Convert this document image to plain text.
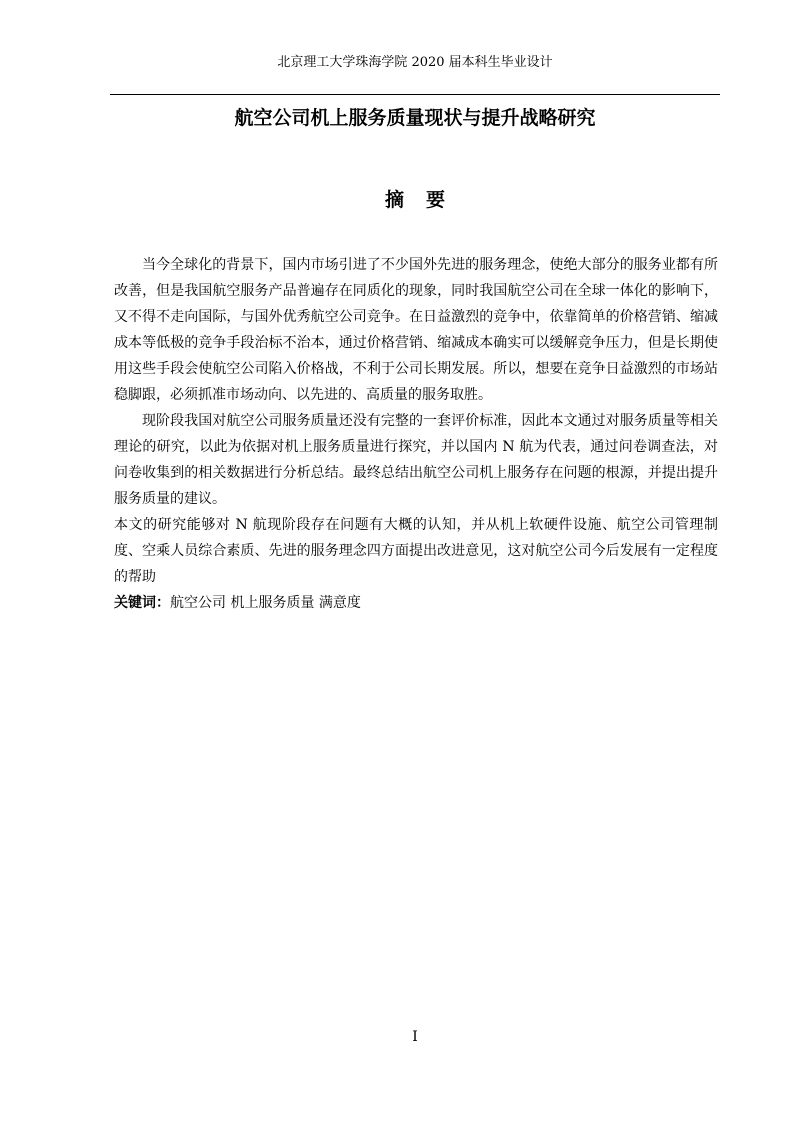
北京理工大学珠海学院 2020 届本科生毕业设计
航空公司机上服务质量现状与提升战略研究
摘要

当今全球化的背景下，国内市场引进了不少国外先进的服务理念，使绝大部分的服务业都有所改善，但是我国航空服务产品普遍存在同质化的现象，同时我国航空公司在全球一体化的影响下，又不得不走向国际，与国外优秀航空公司竞争。在日益激烈的竞争中，依靠简单的价格营销、缩减成本等低极的竞争手段治标不治本，通过价格营销、缩减成本确实可以缓解竞争压力，但是长期使用这些手段会使航空公司陷入价格战，不利于公司长期发展。所以，想要在竞争日益激烈的市场站稳脚跟，必须抓准市场动向、以先进的、高质量的服务取胜。

现阶段我国对航空公司服务质量还没有完整的一套评价标准，因此本文通过对服务质量等相关理论的研究，以此为依据对机上服务质量进行探究，并以国内 N 航为代表，通过问卷调查法，对问卷收集到的相关数据进行分析总结。最终总结出航空公司机上服务存在问题的根源，并提出提升服务质量的建议。

本文的研究能够对 N 航现阶段存在问题有大概的认知，并从机上软硬件设施、航空公司管理制度、空乘人员综合素质、先进的服务理念四方面提出改进意见，这对航空公司今后发展有一定程度的帮助

关键词：航空公司 机上服务质量 满意度

I
